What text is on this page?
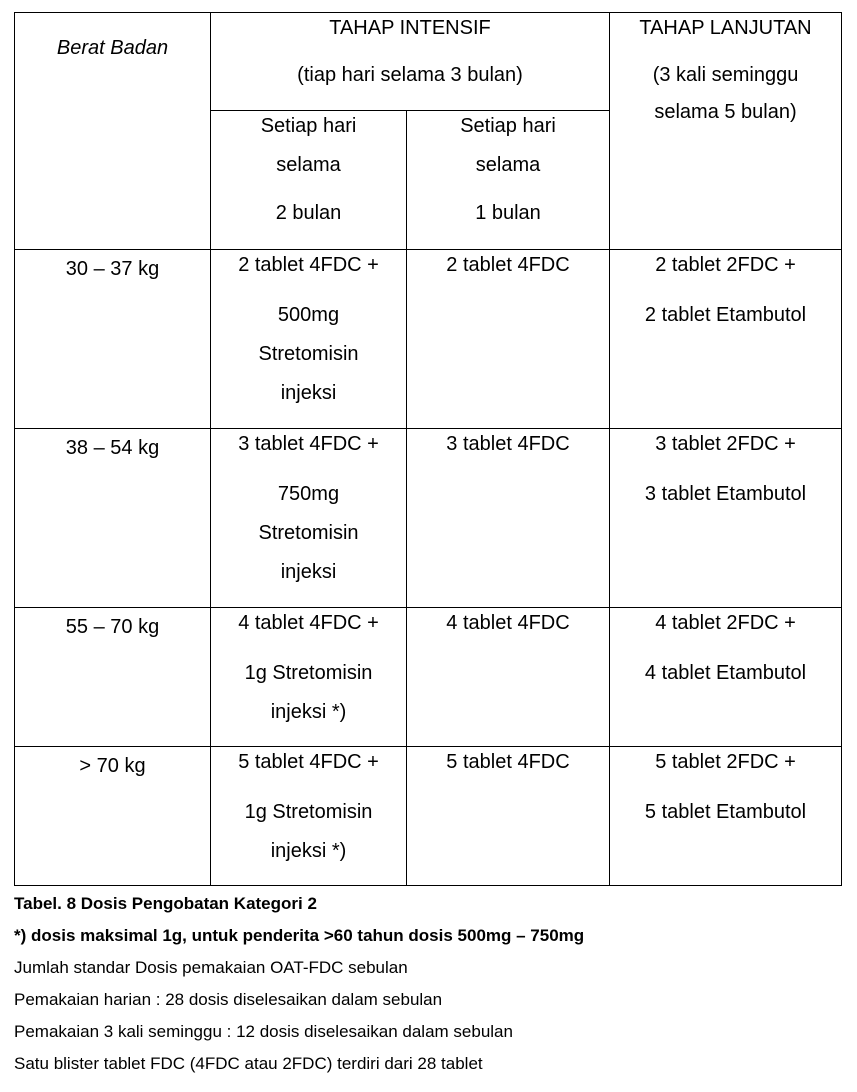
Berat Badan	TAHAP INTENSIF
(tiap hari selama 3 bulan)		TAHAP LANJUTAN
(3 kali seminggu
selama 5 bulan)

	Setiap hari
selama
2 bulan	Setiap hari
selama
1 bulan	

30 – 37 kg	2 tablet 4FDC +
500mg
Stretomisin
injeksi	2 tablet 4FDC	2 tablet 2FDC +
2 tablet Etambutol

38 – 54 kg	3 tablet 4FDC +
750mg
Stretomisin
injeksi	3 tablet 4FDC	3 tablet 2FDC +
3 tablet Etambutol

55 – 70 kg	4 tablet 4FDC +
1g Stretomisin
injeksi *)	4 tablet 4FDC	4 tablet 2FDC +
4 tablet Etambutol

> 70 kg	5 tablet 4FDC +
1g Stretomisin
injeksi *)	5 tablet 4FDC	5 tablet 2FDC +
5 tablet Etambutol
Tabel. 8 Dosis Pengobatan Kategori 2
*) dosis maksimal 1g, untuk penderita >60 tahun dosis 500mg – 750mg
Jumlah standar Dosis pemakaian OAT-FDC sebulan
Pemakaian harian : 28 dosis diselesaikan dalam sebulan
Pemakaian 3 kali seminggu : 12 dosis diselesaikan dalam sebulan
Satu blister tablet FDC (4FDC atau 2FDC) terdiri dari 28 tablet
